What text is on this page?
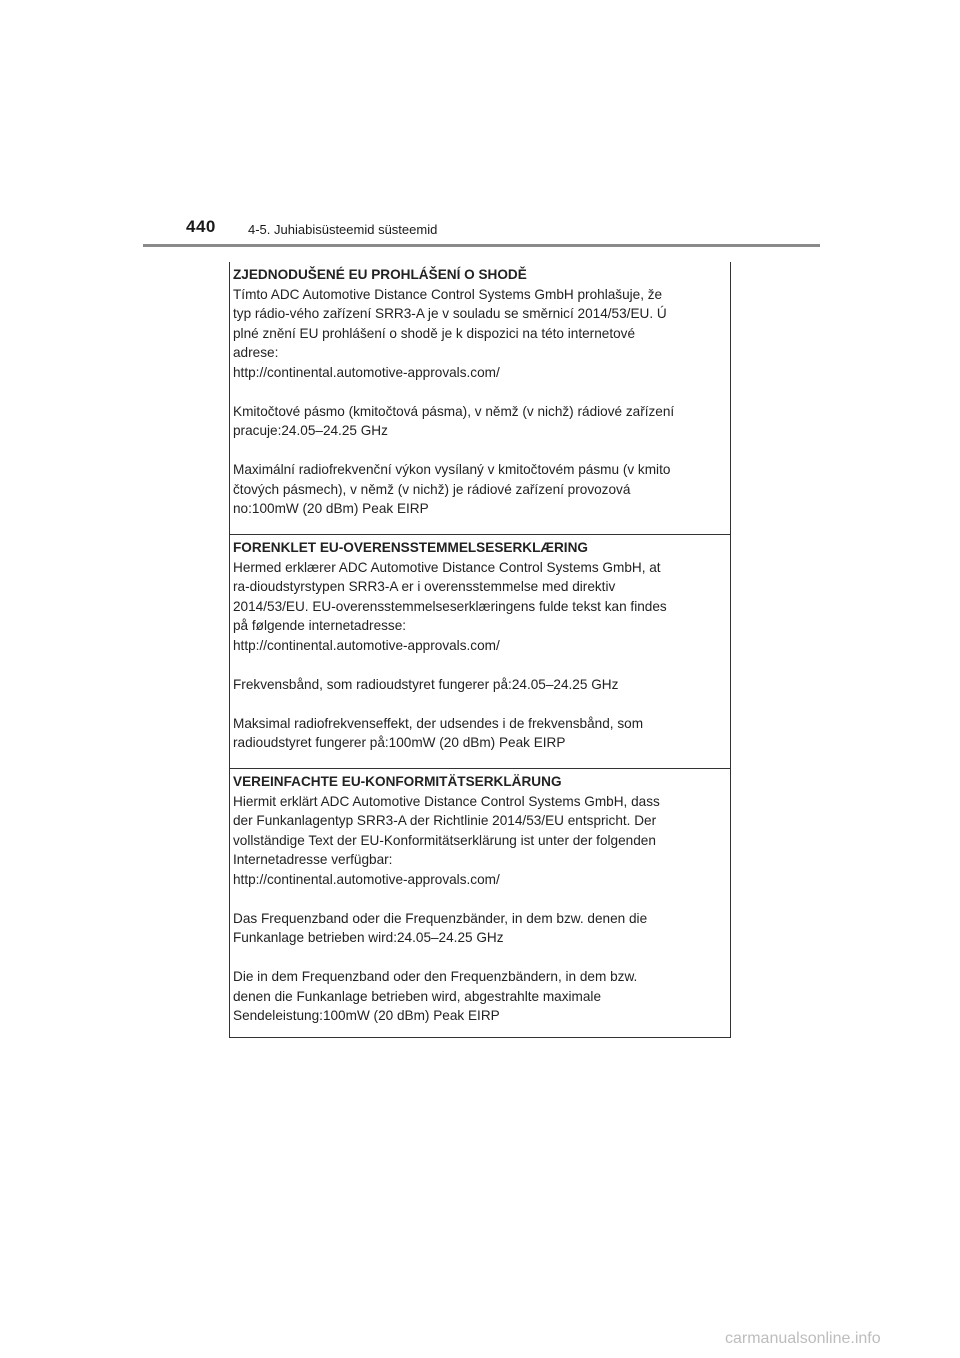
440 4-5. Juhiabisüsteemid süsteemid
ZJEDNODUŠENÉ EU PROHLÁŠENÍ O SHODĚ
Tímto ADC Automotive Distance Control Systems GmbH prohlašuje, že
typ rádio-vého zařízení SRR3-A je v souladu se směrnicí 2014/53/EU. Ú
plné znění EU prohlášení o shodě je k dispozici na této internetové
adrese:
http://continental.automotive-approvals.com/
Kmitočtové pásmo (kmitočtová pásma), v němž (v nichž) rádiové zařízení
pracuje:24.05–24.25 GHz
Maximální radiofrekvenční výkon vysílaný v kmitočtovém pásmu (v kmito
čtových pásmech), v němž (v nichž) je rádiové zařízení provozová
no:100mW (20 dBm) Peak EIRP
FORENKLET EU-OVERENSSTEMMELSESERKLÆRING
Hermed erklærer ADC Automotive Distance Control Systems GmbH, at
ra-dioudstyrstypen SRR3-A er i overensstemmelse med direktiv
2014/53/EU. EU-overensstemmelseserklæringens fulde tekst kan findes
på følgende internetadresse:
http://continental.automotive-approvals.com/
Frekvensbånd, som radioudstyret fungerer på:24.05–24.25 GHz
Maksimal radiofrekvenseffekt, der udsendes i de frekvensbånd, som
radioudstyret fungerer på:100mW (20 dBm) Peak EIRP
VEREINFACHTE EU-KONFORMITÄTSERKLÄRUNG
Hiermit erklärt ADC Automotive Distance Control Systems GmbH, dass
der Funkanlagentyp SRR3-A der Richtlinie 2014/53/EU entspricht. Der
vollständige Text der EU-Konformitätserklärung ist unter der folgenden
Internetadresse verfügbar:
http://continental.automotive-approvals.com/
Das Frequenzband oder die Frequenzbänder, in dem bzw. denen die
Funkanlage betrieben wird:24.05–24.25 GHz
Die in dem Frequenzband oder den Frequenzbändern, in dem bzw.
denen die Funkanlage betrieben wird, abgestrahlte maximale
Sendeleistung:100mW (20 dBm) Peak EIRP
carmanualsonline.info
